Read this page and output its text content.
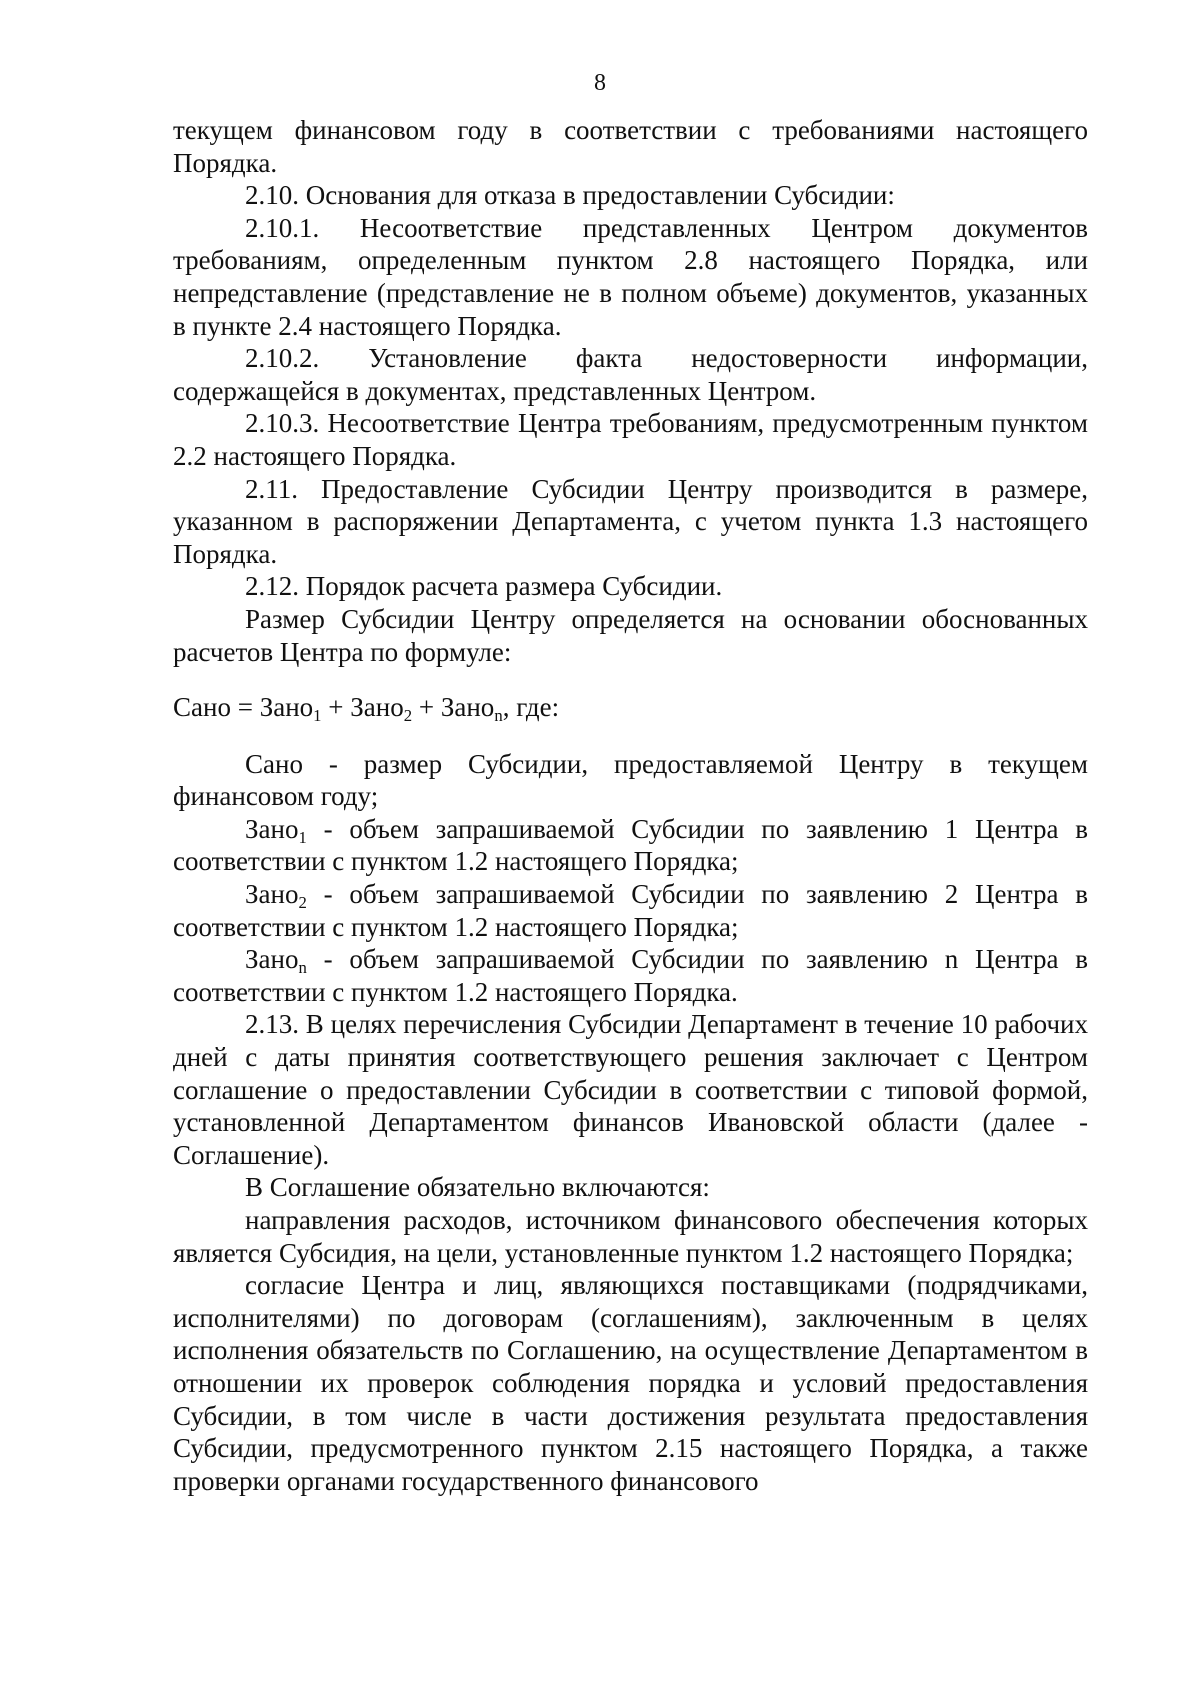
8

текущем финансовом году в соответствии с требованиями настоящего Порядка.

2.10. Основания для отказа в предоставлении Субсидии:

2.10.1. Несоответствие представленных Центром документов требованиям, определенным пунктом 2.8 настоящего Порядка, или непредставление (представление не в полном объеме) документов, указанных в пункте 2.4 настоящего Порядка.

2.10.2. Установление факта недостоверности информации, содержащейся в документах, представленных Центром.

2.10.3. Несоответствие Центра требованиям, предусмотренным пунктом 2.2 настоящего Порядка.

2.11. Предоставление Субсидии Центру производится в размере, указанном в распоряжении Департамента, с учетом пункта 1.3 настоящего Порядка.

2.12. Порядок расчета размера Субсидии.

Размер Субсидии Центру определяется на основании обоснованных расчетов Центра по формуле:

Сано = Зано$_1$ + Зано$_2$ + Зано$_n$, где:

Сано - размер Субсидии, предоставляемой Центру в текущем финансовом году;

Зано$_1$ - объем запрашиваемой Субсидии по заявлению 1 Центра в соответствии с пунктом 1.2 настоящего Порядка;

Зано$_2$ - объем запрашиваемой Субсидии по заявлению 2 Центра в соответствии с пунктом 1.2 настоящего Порядка;

Зано$_n$ - объем запрашиваемой Субсидии по заявлению n Центра в соответствии с пунктом 1.2 настоящего Порядка.

2.13. В целях перечисления Субсидии Департамент в течение 10 рабочих дней с даты принятия соответствующего решения заключает с Центром соглашение о предоставлении Субсидии в соответствии с типовой формой, установленной Департаментом финансов Ивановской области (далее - Соглашение).

В Соглашение обязательно включаются:

направления расходов, источником финансового обеспечения которых является Субсидия, на цели, установленные пунктом 1.2 настоящего Порядка;

согласие Центра и лиц, являющихся поставщиками (подрядчиками, исполнителями) по договорам (соглашениям), заключенным в целях исполнения обязательств по Соглашению, на осуществление Департаментом в отношении их проверок соблюдения порядка и условий предоставления Субсидии, в том числе в части достижения результата предоставления Субсидии, предусмотренного пунктом 2.15 настоящего Порядка, а также проверки органами государственного финансового
